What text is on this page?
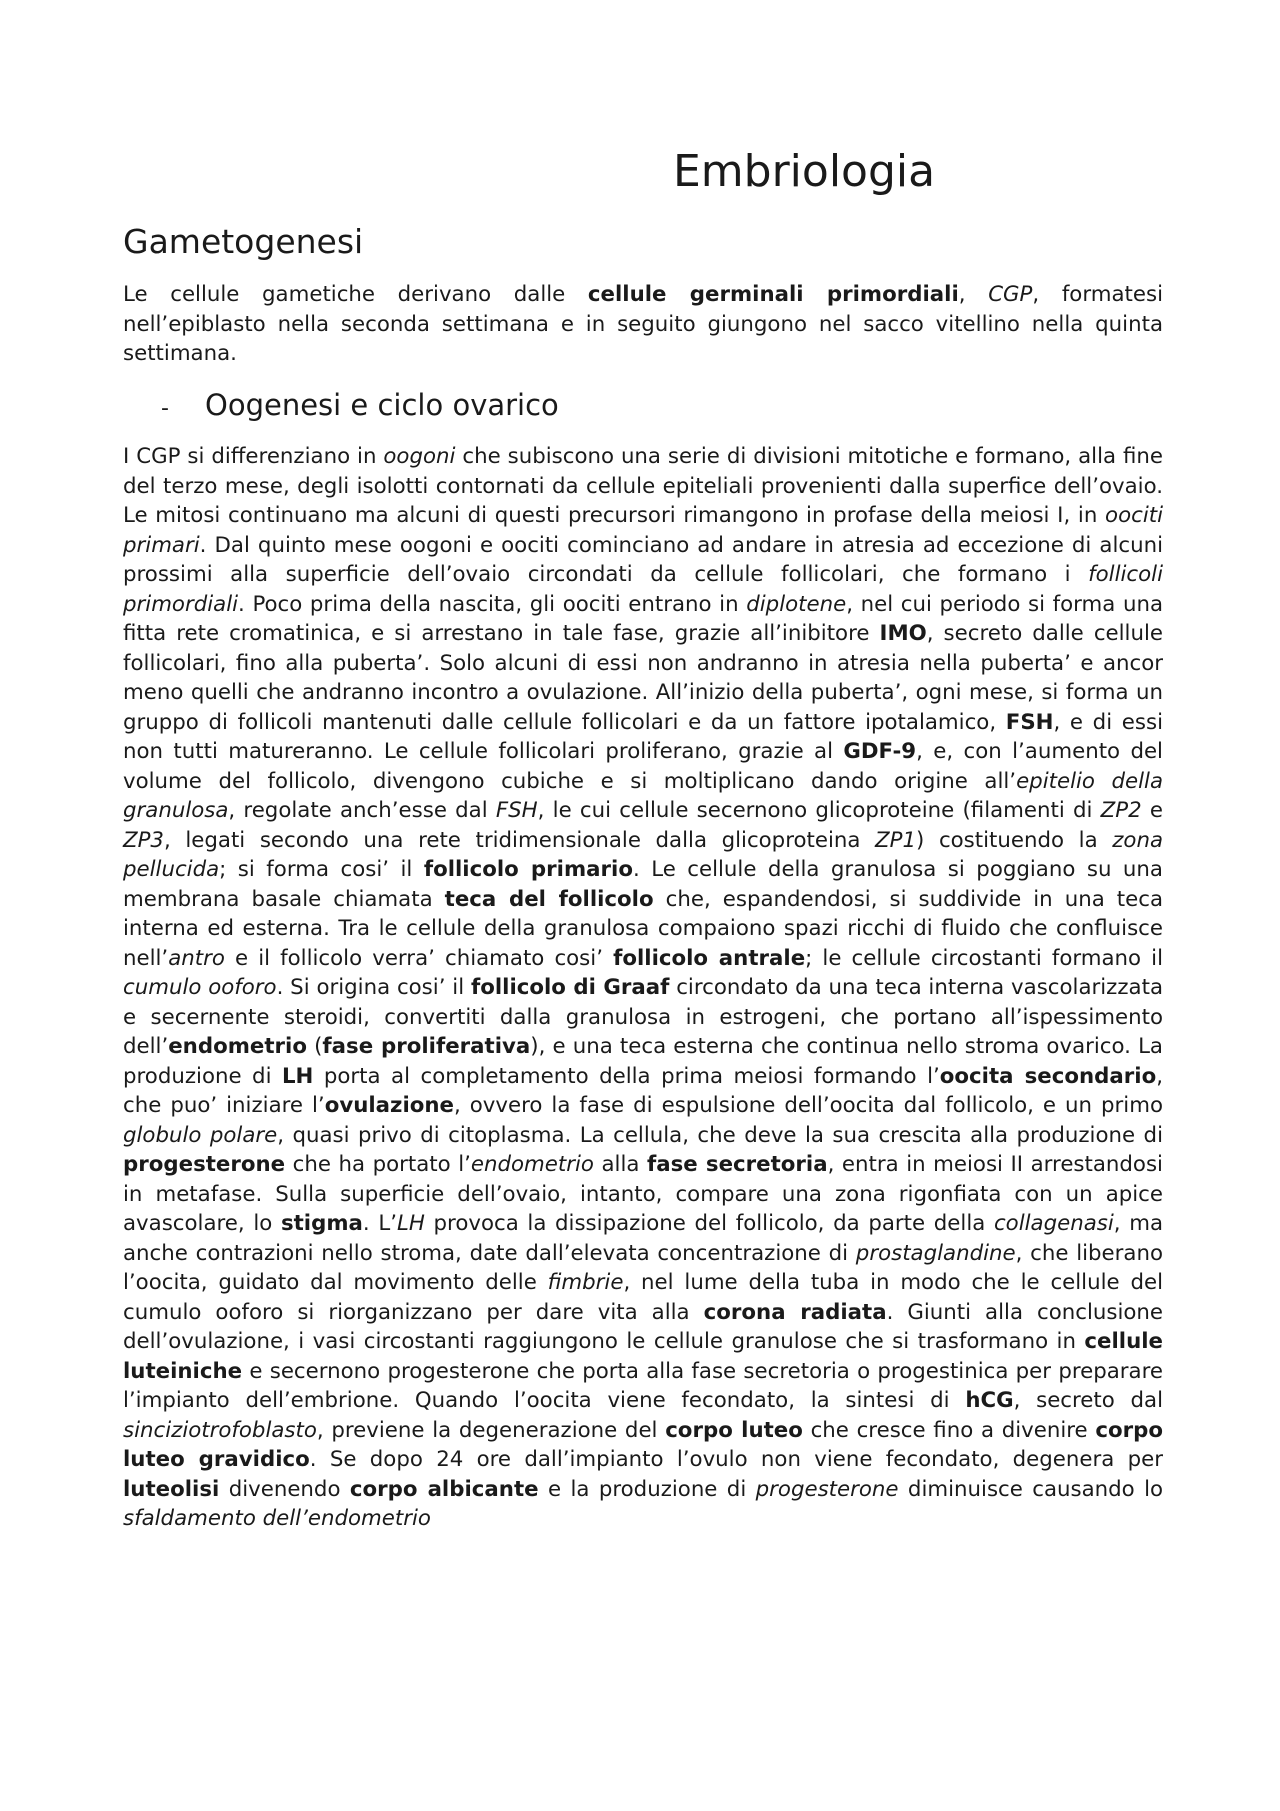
Embriologia
Gametogenesi

Le cellule gametiche derivano dalle cellule germinali primordiali, CGP, formatesi nell’epiblasto nella seconda settimana e in seguito giungono nel sacco vitellino nella quinta settimana.

-	Oogenesi e ciclo ovarico

I CGP si differenziano in oogoni che subiscono una serie di divisioni mitotiche e formano, alla fine del terzo mese, degli isolotti contornati da cellule epiteliali provenienti dalla superfice dell’ovaio. Le mitosi continuano ma alcuni di questi precursori rimangono in profase della meiosi I, in oociti primari. Dal quinto mese oogoni e oociti cominciano ad andare in atresia ad eccezione di alcuni prossimi alla superficie dell’ovaio circondati da cellule follicolari, che formano i follicoli primordiali. Poco prima della nascita, gli oociti entrano in diplotene, nel cui periodo si forma una fitta rete cromatinica, e si arrestano in tale fase, grazie all’inibitore IMO, secreto dalle cellule follicolari, fino alla puberta’. Solo alcuni di essi non andranno in atresia nella puberta’ e ancor meno quelli che andranno incontro a ovulazione. All’inizio della puberta’, ogni mese, si forma un gruppo di follicoli mantenuti dalle cellule follicolari e da un fattore ipotalamico, FSH, e di essi non tutti matureranno. Le cellule follicolari proliferano, grazie al GDF-9, e, con l’aumento del volume del follicolo, divengono cubiche e si moltiplicano dando origine all’epitelio della granulosa, regolate anch’esse dal FSH, le cui cellule secernono glicoproteine (filamenti di ZP2 e ZP3, legati secondo una rete tridimensionale dalla glicoproteina ZP1) costituendo la zona pellucida; si forma cosi’ il follicolo primario. Le cellule della granulosa si poggiano su una membrana basale chiamata teca del follicolo che, espandendosi, si suddivide in una teca interna ed esterna. Tra le cellule della granulosa compaiono spazi ricchi di fluido che confluisce nell’antro e il follicolo verra’ chiamato cosi’ follicolo antrale; le cellule circostanti formano il cumulo ooforo. Si origina cosi’ il follicolo di Graaf circondato da una teca interna vascolarizzata e secernente steroidi, convertiti dalla granulosa in estrogeni, che portano all’ispessimento dell’endometrio (fase proliferativa), e una teca esterna che continua nello stroma ovarico. La produzione di LH porta al completamento della prima meiosi formando l’oocita secondario, che puo’ iniziare l’ovulazione, ovvero la fase di espulsione dell’oocita dal follicolo, e un primo globulo polare, quasi privo di citoplasma. La cellula, che deve la sua crescita alla produzione di progesterone che ha portato l’endometrio alla fase secretoria, entra in meiosi II arrestandosi in metafase. Sulla superficie dell’ovaio, intanto, compare una zona rigonfiata con un apice avascolare, lo stigma. L’LH provoca la dissipazione del follicolo, da parte della collagenasi, ma anche contrazioni nello stroma, date dall’elevata concentrazione di prostaglandine, che liberano l’oocita, guidato dal movimento delle fimbrie, nel lume della tuba in modo che le cellule del cumulo ooforo si riorganizzano per dare vita alla corona radiata. Giunti alla conclusione dell’ovulazione, i vasi circostanti raggiungono le cellule granulose che si trasformano in cellule luteiniche e secernono progesterone che porta alla fase secretoria o progestinica per preparare l’impianto dell’embrione. Quando l’oocita viene fecondato, la sintesi di hCG, secreto dal sinciziotrofoblasto, previene la degenerazione del corpo luteo che cresce fino a divenire corpo luteo gravidico. Se dopo 24 ore dall’impianto l’ovulo non viene fecondato, degenera per luteolisi divenendo corpo albicante e la produzione di progesterone diminuisce causando lo sfaldamento dell’endometrio
